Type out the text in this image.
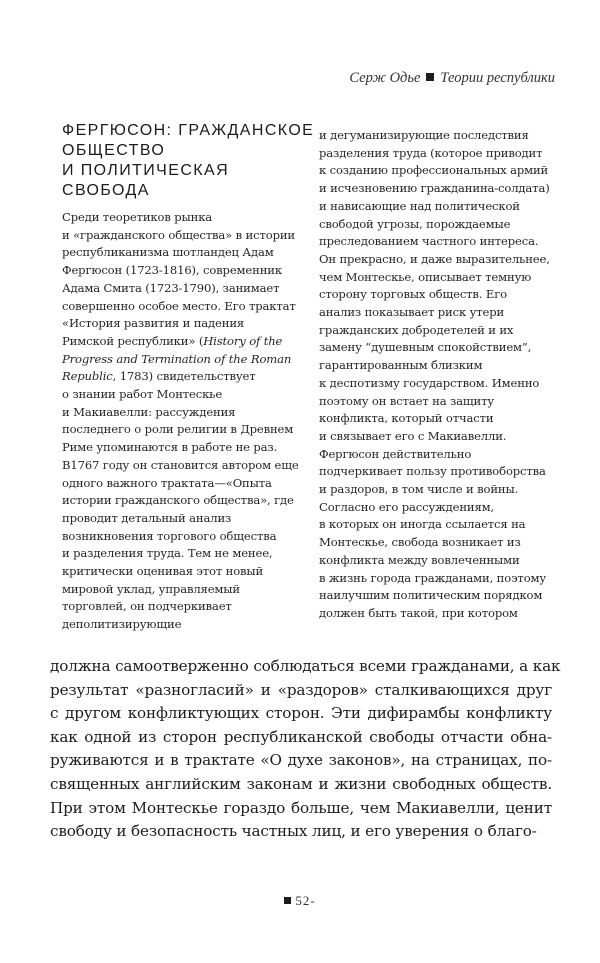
Серж Одье Теории республики
ФЕРГЮСОН: ГРАЖДАНСКОЕ
ОБЩЕСТВО
И ПОЛИТИЧЕСКАЯ
СВОБОДА
Среди теоретиков рынка
и «гражданского общества» в истории
республиканизма шотландец Адам
Фергюсон (1723-1816), современник
Адама Смита (1723-1790), занимает
совершенно особое место. Его трактат
«История развития и падения
Римской республики» (History of the
Progress and Termination of the Roman
Republic, 1783) свидетельствует
о знании работ Монтескье
и Макиавелли: рассуждения
последнего о роли религии в Древнем
Риме упоминаются в работе не раз.
В1767 году он становится автором еще
одного важного трактата—«Опыта
истории гражданского общества», где
проводит детальный анализ
возникновения торгового общества
и разделения труда. Тем не менее,
критически оценивая этот новый
мировой уклад, управляемый
торговлей, он подчеркивает
деполитизирующие
и дегуманизирующие последствия
разделения труда (которое приводит
к созданию профессиональных армий
и исчезновению гражданина-солдата)
и нависающие над политической
свободой угрозы, порождаемые
преследованием частного интереса.
Он прекрасно, и даже выразительнее,
чем Монтескье, описывает темную
сторону торговых обществ. Его
анализ показывает риск утери
гражданских добродетелей и их
замену “душевным спокойствием”,
гарантированным близким
к деспотизму государством. Именно
поэтому он встает на защиту
конфликта, который отчасти
и связывает его с Макиавелли.
Фергюсон действительно
подчеркивает пользу противоборства
и раздоров, в том числе и войны.
Согласно его рассуждениям,
в которых он иногда ссылается на
Монтескье, свобода возникает из
конфликта между вовлеченными
в жизнь города гражданами, поэтому
наилучшим политическим порядком
должен быть такой, при котором
должна самоотверженно соблюдаться всеми гражданами, а как
результат «разногласий» и «раздоров» сталкивающихся друг
с другом конфликтующих сторон. Эти дифирамбы конфликту
как одной из сторон республиканской свободы отчасти обна-
руживаются и в трактате «О духе законов», на страницах, по-
священных английским законам и жизни свободных обществ.
При этом Монтескье гораздо больше, чем Макиавелли, ценит
свободу и безопасность частных лиц, и его уверения о благо-
52-
